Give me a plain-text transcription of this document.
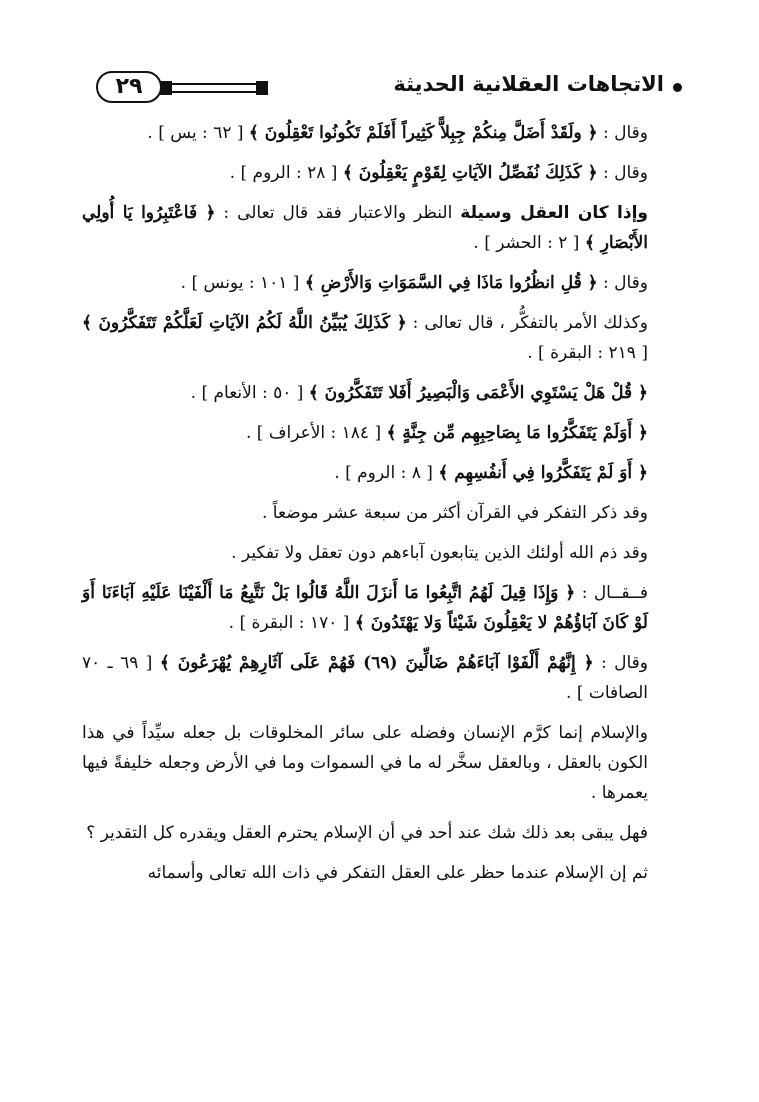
٢٩	الاتجاهات العقلانية الحديثة

وقال : ﴿ ولَقَدْ أَضَلَّ مِنكُمْ جِبِلاًّ كَثِيراً أَفَلَمْ تَكُونُوا تَعْقِلُونَ ﴾ [ ٦٢ : يس ] .

وقال : ﴿ كَذَلِكَ نُفَصِّلُ الآيَاتِ لِقَوْمٍ يَعْقِلُونَ ﴾ [ ٢٨ : الروم ] .

وإذا كان العقل وسيلة النظر والاعتبار فقد قال تعالى : ﴿ فَاعْتَبِرُوا يَا أُولِي الأَبْصَارِ ﴾ [ ٢ : الحشر ] .

وقال : ﴿ قُلِ انظُرُوا مَاذَا فِي السَّمَوَاتِ وَالأَرْضِ ﴾ [ ١٠١ : يونس ] .

وكذلك الأمر بالتفكُّر ، قال تعالى : ﴿ كَذَلِكَ يُبَيِّنُ اللَّهُ لَكُمُ الآيَاتِ لَعَلَّكُمْ تَتَفَكَّرُونَ ﴾ [ ٢١٩ : البقرة ] .

﴿ قُلْ هَلْ يَسْتَوِي الأَعْمَى وَالْبَصِيرُ أَفَلا تَتَفَكَّرُونَ ﴾ [ ٥٠ : الأنعام ] .

﴿ أَوَلَمْ يَتَفَكَّرُوا مَا بِصَاحِبِهِم مِّن جِنَّةٍ ﴾ [ ١٨٤ : الأعراف ] .

﴿ أَوَ لَمْ يَتَفَكَّرُوا فِي أَنفُسِهِم ﴾ [ ٨ : الروم ] .

وقد ذكر التفكر في القرآن أكثر من سبعة عشر موضعاً .

وقد ذم الله أولئك الذين يتابعون آباءهم دون تعقل ولا تفكير .

فــقــال : ﴿ وَإِذَا قِيلَ لَهُمُ اتَّبِعُوا مَا أَنزَلَ اللَّهُ قَالُوا بَلْ نَتَّبِعُ مَا أَلْفَيْنَا عَلَيْهِ آبَاءَنَا أَوَ لَوْ كَانَ آبَاؤُهُمْ لا يَعْقِلُونَ شَيْئاً وَلا يَهْتَدُونَ ﴾ [ ١٧٠ : البقرة ] .

وقال : ﴿ إِنَّهُمْ أَلْفَوْا آبَاءَهُمْ ضَالِّينَ (٦٩) فَهُمْ عَلَى آثَارِهِمْ يُهْرَعُونَ ﴾ [ ٦٩ ـ ٧٠ الصافات ] .

والإسلام إنما كرَّم الإنسان وفضله على سائر المخلوقات بل جعله سيِّداً في هذا الكون بالعقل ، وبالعقل سخَّر له ما في السموات وما في الأرض وجعله خليفةً فيها يعمرها .

فهل يبقى بعد ذلك شك عند أحد في أن الإسلام يحترم العقل ويقدره كل التقدير ؟

ثم إن الإسلام عندما حظر على العقل التفكر في ذات الله تعالى وأسمائه
